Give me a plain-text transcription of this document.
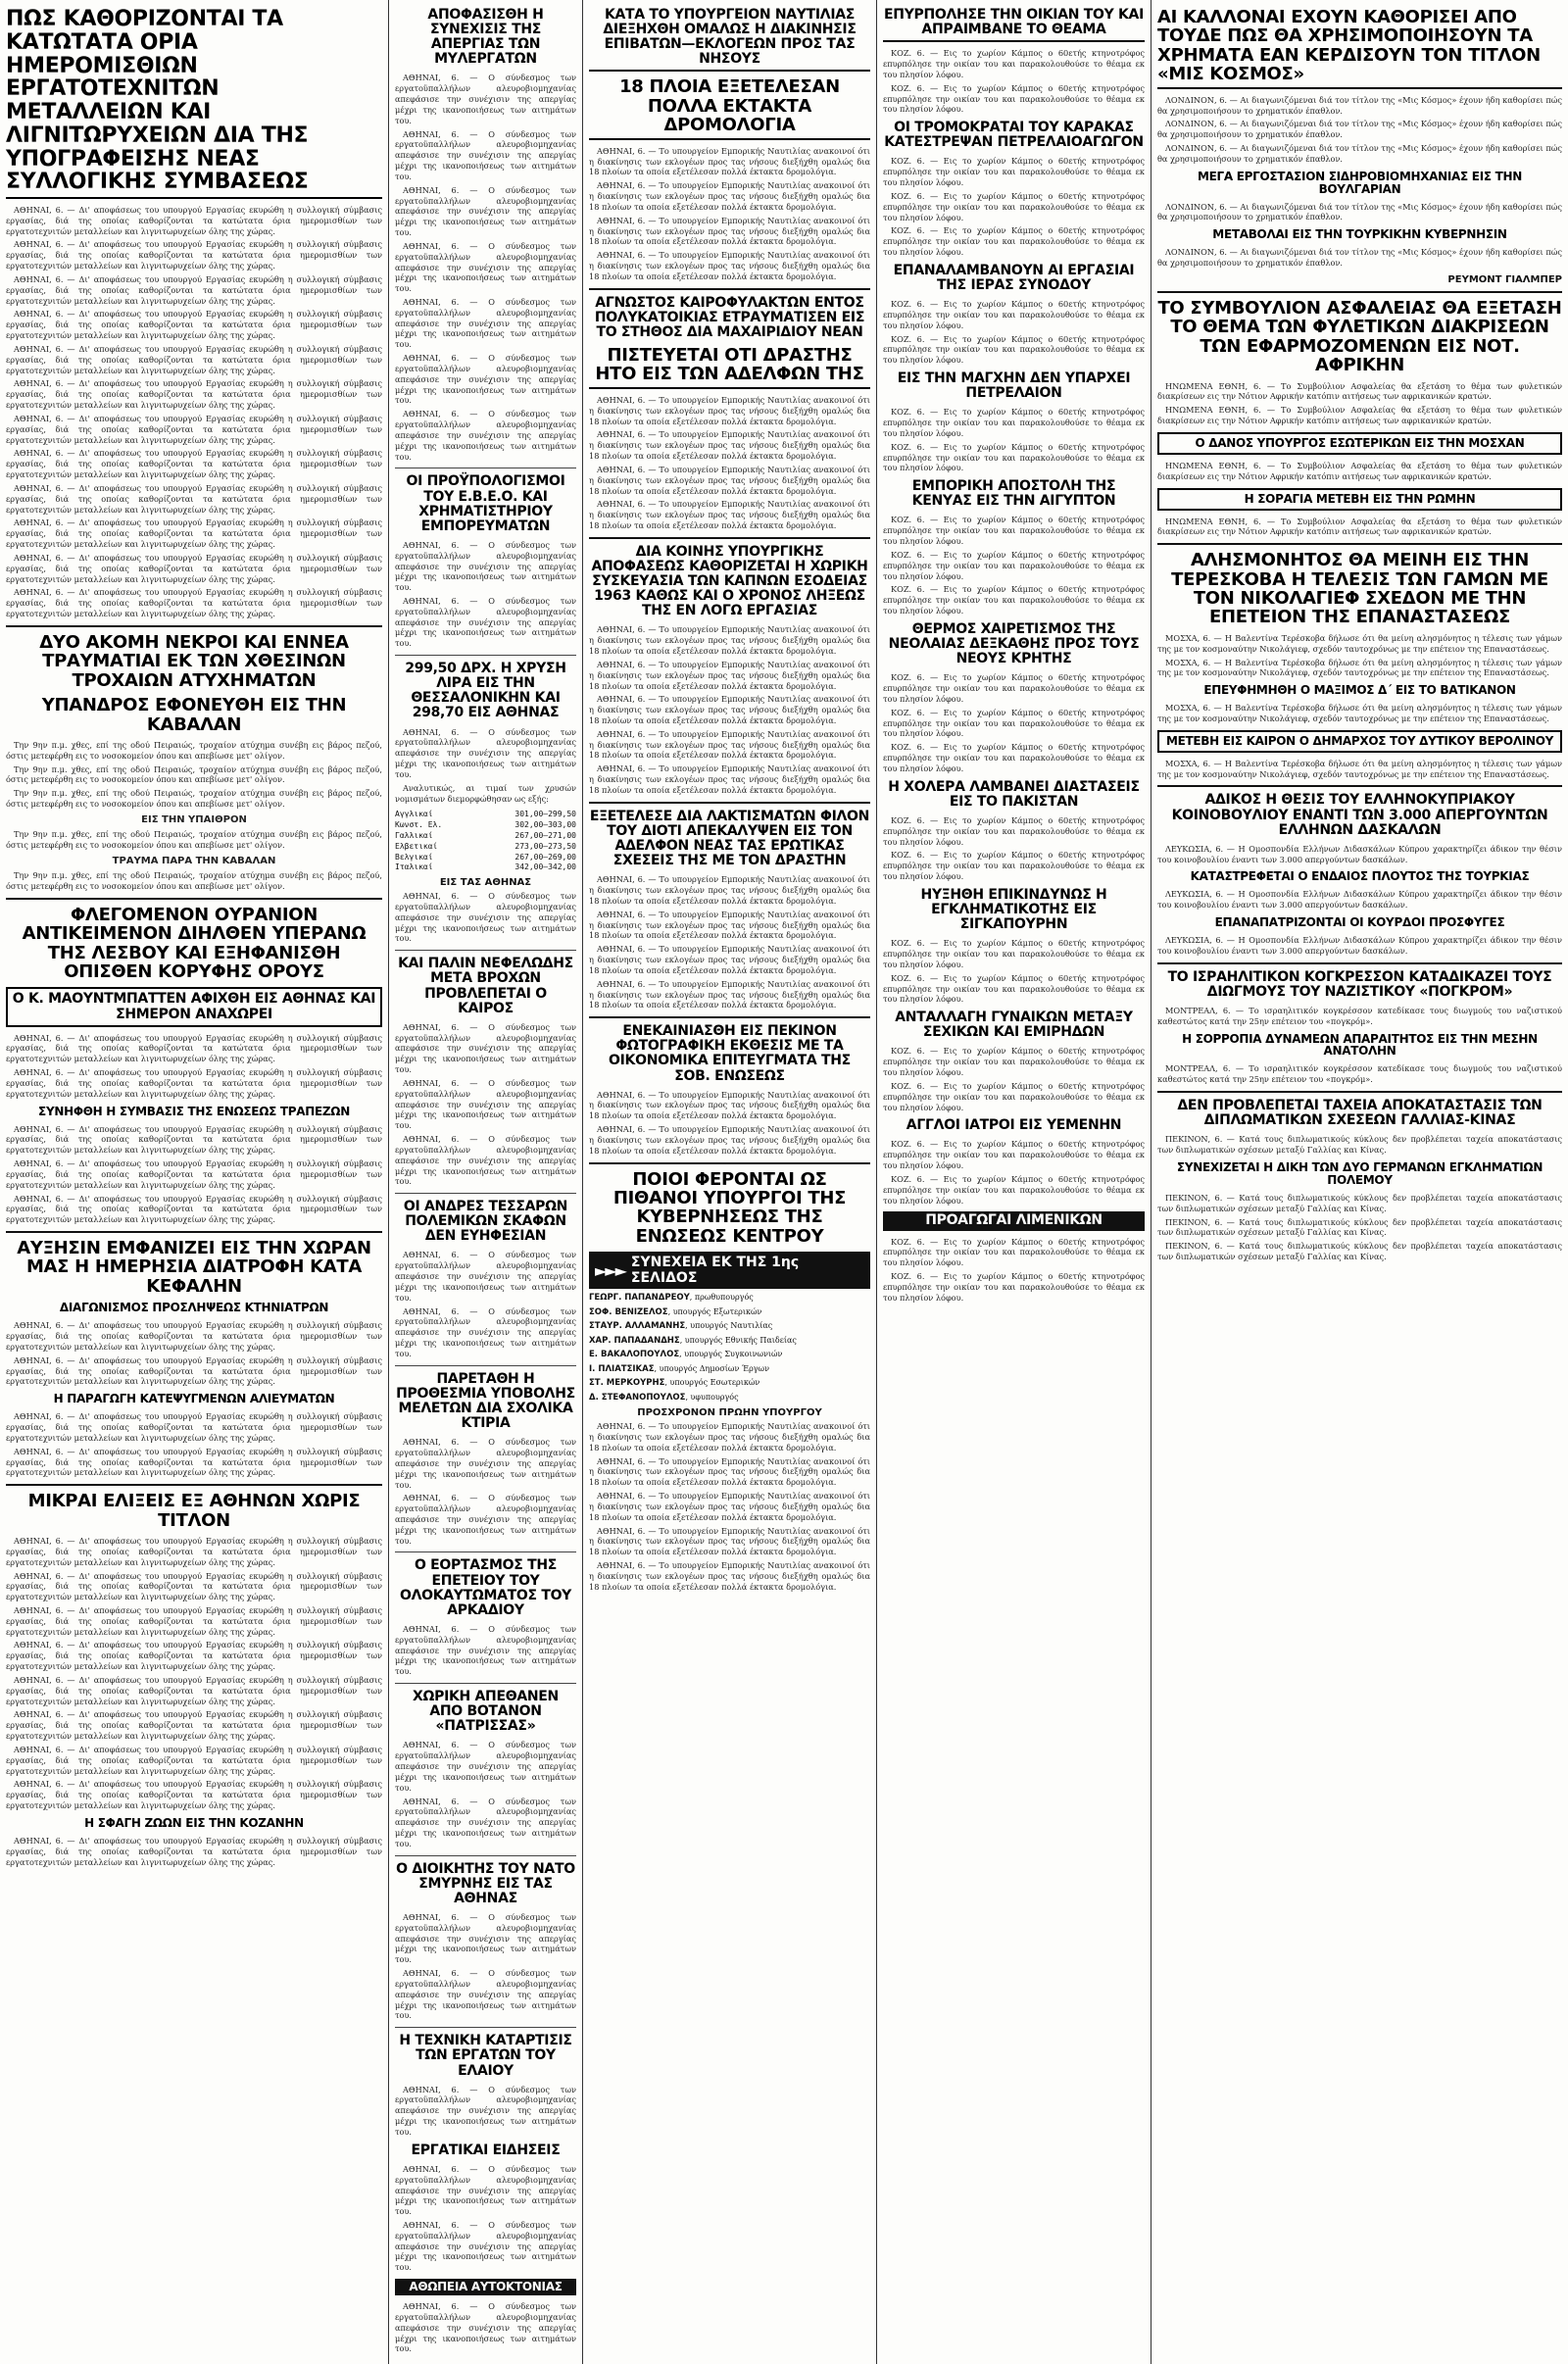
ΠΩΣ ΚΑΘΟΡΙΖΟΝΤΑΙ ΤΑ ΚΑΤΩΤΑΤΑ ΟΡΙΑ ΗΜΕΡΟΜΙΣΘΙΩΝ ΕΡΓΑΤΟΤΕΧΝΙΤΩΝ ΜΕΤΑΛΛΕΙΩΝ ΚΑΙ ΛΙΓΝΙΤΩΡΥΧΕΙΩΝ ΔΙΑ ΤΗΣ ΥΠΟΓΡΑΦΕΙΣΗΣ ΝΕΑΣ ΣΥΛΛΟΓΙΚΗΣ ΣΥΜΒΑΣΕΩΣ

ΑΘΗΝΑΙ, 6. — Δι' αποφάσεως του υπουργού Εργασίας εκυρώθη η συλλογική σύμβασις εργασίας, διά της οποίας καθορίζονται τα κατώτατα όρια ημερομισθίων των εργατοτεχνιτών μεταλλείων και λιγνιτωρυχείων όλης της χώρας.

ΑΘΗΝΑΙ, 6. — Δι' αποφάσεως του υπουργού Εργασίας εκυρώθη η συλλογική σύμβασις εργασίας, διά της οποίας καθορίζονται τα κατώτατα όρια ημερομισθίων των εργατοτεχνιτών μεταλλείων και λιγνιτωρυχείων όλης της χώρας.

ΑΘΗΝΑΙ, 6. — Δι' αποφάσεως του υπουργού Εργασίας εκυρώθη η συλλογική σύμβασις εργασίας, διά της οποίας καθορίζονται τα κατώτατα όρια ημερομισθίων των εργατοτεχνιτών μεταλλείων και λιγνιτωρυχείων όλης της χώρας.

ΑΘΗΝΑΙ, 6. — Δι' αποφάσεως του υπουργού Εργασίας εκυρώθη η συλλογική σύμβασις εργασίας, διά της οποίας καθορίζονται τα κατώτατα όρια ημερομισθίων των εργατοτεχνιτών μεταλλείων και λιγνιτωρυχείων όλης της χώρας.

ΑΘΗΝΑΙ, 6. — Δι' αποφάσεως του υπουργού Εργασίας εκυρώθη η συλλογική σύμβασις εργασίας, διά της οποίας καθορίζονται τα κατώτατα όρια ημερομισθίων των εργατοτεχνιτών μεταλλείων και λιγνιτωρυχείων όλης της χώρας.

ΑΘΗΝΑΙ, 6. — Δι' αποφάσεως του υπουργού Εργασίας εκυρώθη η συλλογική σύμβασις εργασίας, διά της οποίας καθορίζονται τα κατώτατα όρια ημερομισθίων των εργατοτεχνιτών μεταλλείων και λιγνιτωρυχείων όλης της χώρας.

ΑΘΗΝΑΙ, 6. — Δι' αποφάσεως του υπουργού Εργασίας εκυρώθη η συλλογική σύμβασις εργασίας, διά της οποίας καθορίζονται τα κατώτατα όρια ημερομισθίων των εργατοτεχνιτών μεταλλείων και λιγνιτωρυχείων όλης της χώρας.

ΑΘΗΝΑΙ, 6. — Δι' αποφάσεως του υπουργού Εργασίας εκυρώθη η συλλογική σύμβασις εργασίας, διά της οποίας καθορίζονται τα κατώτατα όρια ημερομισθίων των εργατοτεχνιτών μεταλλείων και λιγνιτωρυχείων όλης της χώρας.

ΑΘΗΝΑΙ, 6. — Δι' αποφάσεως του υπουργού Εργασίας εκυρώθη η συλλογική σύμβασις εργασίας, διά της οποίας καθορίζονται τα κατώτατα όρια ημερομισθίων των εργατοτεχνιτών μεταλλείων και λιγνιτωρυχείων όλης της χώρας.

ΑΘΗΝΑΙ, 6. — Δι' αποφάσεως του υπουργού Εργασίας εκυρώθη η συλλογική σύμβασις εργασίας, διά της οποίας καθορίζονται τα κατώτατα όρια ημερομισθίων των εργατοτεχνιτών μεταλλείων και λιγνιτωρυχείων όλης της χώρας.

ΑΘΗΝΑΙ, 6. — Δι' αποφάσεως του υπουργού Εργασίας εκυρώθη η συλλογική σύμβασις εργασίας, διά της οποίας καθορίζονται τα κατώτατα όρια ημερομισθίων των εργατοτεχνιτών μεταλλείων και λιγνιτωρυχείων όλης της χώρας.

ΑΘΗΝΑΙ, 6. — Δι' αποφάσεως του υπουργού Εργασίας εκυρώθη η συλλογική σύμβασις εργασίας, διά της οποίας καθορίζονται τα κατώτατα όρια ημερομισθίων των εργατοτεχνιτών μεταλλείων και λιγνιτωρυχείων όλης της χώρας.

ΔΥΟ ΑΚΟΜΗ ΝΕΚΡΟΙ ΚΑΙ ΕΝΝΕΑ ΤΡΑΥΜΑΤΙΑΙ ΕΚ ΤΩΝ ΧΘΕΣΙΝΩΝ ΤΡΟΧΑΙΩΝ ΑΤΥΧΗΜΑΤΩΝ
ΥΠΑΝΔΡΟΣ ΕΦΟΝΕΥΘΗ ΕΙΣ ΤΗΝ ΚΑΒΑΛΑΝ

Την 9ην π.μ. χθες, επί της οδού Πειραιώς, τροχαίον ατύχημα συνέβη εις βάρος πεζού, όστις μετεφέρθη εις το νοσοκομείον όπου και απεβίωσε μετ' ολίγον.

Την 9ην π.μ. χθες, επί της οδού Πειραιώς, τροχαίον ατύχημα συνέβη εις βάρος πεζού, όστις μετεφέρθη εις το νοσοκομείον όπου και απεβίωσε μετ' ολίγον.

Την 9ην π.μ. χθες, επί της οδού Πειραιώς, τροχαίον ατύχημα συνέβη εις βάρος πεζού, όστις μετεφέρθη εις το νοσοκομείον όπου και απεβίωσε μετ' ολίγον.

ΕΙΣ ΤΗΝ ΥΠΑΙΘΡΟΝ

Την 9ην π.μ. χθες, επί της οδού Πειραιώς, τροχαίον ατύχημα συνέβη εις βάρος πεζού, όστις μετεφέρθη εις το νοσοκομείον όπου και απεβίωσε μετ' ολίγον.

ΤΡΑΥΜΑ ΠΑΡΑ ΤΗΝ ΚΑΒΑΛΑΝ

Την 9ην π.μ. χθες, επί της οδού Πειραιώς, τροχαίον ατύχημα συνέβη εις βάρος πεζού, όστις μετεφέρθη εις το νοσοκομείον όπου και απεβίωσε μετ' ολίγον.

ΦΛΕΓΟΜΕΝΟΝ ΟΥΡΑΝΙΟΝ ΑΝΤΙΚΕΙΜΕΝΟΝ ΔΙΗΛΘΕΝ ΥΠΕΡΑΝΩ ΤΗΣ ΛΕΣΒΟΥ ΚΑΙ ΕΞΗΦΑΝΙΣΘΗ ΟΠΙΣΘΕΝ ΚΟΡΥΦΗΣ ΟΡΟΥΣ
Ο Κ. ΜΑΟΥΝΤΜΠΑΤΤΕΝ ΑΦΙΧΘΗ ΕΙΣ ΑΘΗΝΑΣ ΚΑΙ ΣΗΜΕΡΟΝ ΑΝΑΧΩΡΕΙ

ΑΘΗΝΑΙ, 6. — Δι' αποφάσεως του υπουργού Εργασίας εκυρώθη η συλλογική σύμβασις εργασίας, διά της οποίας καθορίζονται τα κατώτατα όρια ημερομισθίων των εργατοτεχνιτών μεταλλείων και λιγνιτωρυχείων όλης της χώρας.

ΑΘΗΝΑΙ, 6. — Δι' αποφάσεως του υπουργού Εργασίας εκυρώθη η συλλογική σύμβασις εργασίας, διά της οποίας καθορίζονται τα κατώτατα όρια ημερομισθίων των εργατοτεχνιτών μεταλλείων και λιγνιτωρυχείων όλης της χώρας.

ΣΥΝΗΦΘΗ Η ΣΥΜΒΑΣΙΣ ΤΗΣ ΕΝΩΣΕΩΣ ΤΡΑΠΕΖΩΝ

ΑΘΗΝΑΙ, 6. — Δι' αποφάσεως του υπουργού Εργασίας εκυρώθη η συλλογική σύμβασις εργασίας, διά της οποίας καθορίζονται τα κατώτατα όρια ημερομισθίων των εργατοτεχνιτών μεταλλείων και λιγνιτωρυχείων όλης της χώρας.

ΑΘΗΝΑΙ, 6. — Δι' αποφάσεως του υπουργού Εργασίας εκυρώθη η συλλογική σύμβασις εργασίας, διά της οποίας καθορίζονται τα κατώτατα όρια ημερομισθίων των εργατοτεχνιτών μεταλλείων και λιγνιτωρυχείων όλης της χώρας.

ΑΘΗΝΑΙ, 6. — Δι' αποφάσεως του υπουργού Εργασίας εκυρώθη η συλλογική σύμβασις εργασίας, διά της οποίας καθορίζονται τα κατώτατα όρια ημερομισθίων των εργατοτεχνιτών μεταλλείων και λιγνιτωρυχείων όλης της χώρας.

ΑΥΞΗΣΙΝ ΕΜΦΑΝΙΖΕΙ ΕΙΣ ΤΗΝ ΧΩΡΑΝ ΜΑΣ Η ΗΜΕΡΗΣΙΑ ΔΙΑΤΡΟΦΗ ΚΑΤΑ ΚΕΦΑΛΗΝ
ΔΙΑΓΩΝΙΣΜΟΣ ΠΡΟΣΛΗΨΕΩΣ ΚΤΗΝΙΑΤΡΩΝ

ΑΘΗΝΑΙ, 6. — Δι' αποφάσεως του υπουργού Εργασίας εκυρώθη η συλλογική σύμβασις εργασίας, διά της οποίας καθορίζονται τα κατώτατα όρια ημερομισθίων των εργατοτεχνιτών μεταλλείων και λιγνιτωρυχείων όλης της χώρας.

ΑΘΗΝΑΙ, 6. — Δι' αποφάσεως του υπουργού Εργασίας εκυρώθη η συλλογική σύμβασις εργασίας, διά της οποίας καθορίζονται τα κατώτατα όρια ημερομισθίων των εργατοτεχνιτών μεταλλείων και λιγνιτωρυχείων όλης της χώρας.

Η ΠΑΡΑΓΩΓΗ ΚΑΤΕΨΥΓΜΕΝΩΝ ΑΛΙΕΥΜΑΤΩΝ

ΑΘΗΝΑΙ, 6. — Δι' αποφάσεως του υπουργού Εργασίας εκυρώθη η συλλογική σύμβασις εργασίας, διά της οποίας καθορίζονται τα κατώτατα όρια ημερομισθίων των εργατοτεχνιτών μεταλλείων και λιγνιτωρυχείων όλης της χώρας.

ΑΘΗΝΑΙ, 6. — Δι' αποφάσεως του υπουργού Εργασίας εκυρώθη η συλλογική σύμβασις εργασίας, διά της οποίας καθορίζονται τα κατώτατα όρια ημερομισθίων των εργατοτεχνιτών μεταλλείων και λιγνιτωρυχείων όλης της χώρας.

ΜΙΚΡΑΙ ΕΛΙΞΕΙΣ ΕΞ ΑΘΗΝΩΝ ΧΩΡΙΣ ΤΙΤΛΟΝ

ΑΘΗΝΑΙ, 6. — Δι' αποφάσεως του υπουργού Εργασίας εκυρώθη η συλλογική σύμβασις εργασίας, διά της οποίας καθορίζονται τα κατώτατα όρια ημερομισθίων των εργατοτεχνιτών μεταλλείων και λιγνιτωρυχείων όλης της χώρας.

ΑΘΗΝΑΙ, 6. — Δι' αποφάσεως του υπουργού Εργασίας εκυρώθη η συλλογική σύμβασις εργασίας, διά της οποίας καθορίζονται τα κατώτατα όρια ημερομισθίων των εργατοτεχνιτών μεταλλείων και λιγνιτωρυχείων όλης της χώρας.

ΑΘΗΝΑΙ, 6. — Δι' αποφάσεως του υπουργού Εργασίας εκυρώθη η συλλογική σύμβασις εργασίας, διά της οποίας καθορίζονται τα κατώτατα όρια ημερομισθίων των εργατοτεχνιτών μεταλλείων και λιγνιτωρυχείων όλης της χώρας.

ΑΘΗΝΑΙ, 6. — Δι' αποφάσεως του υπουργού Εργασίας εκυρώθη η συλλογική σύμβασις εργασίας, διά της οποίας καθορίζονται τα κατώτατα όρια ημερομισθίων των εργατοτεχνιτών μεταλλείων και λιγνιτωρυχείων όλης της χώρας.

ΑΘΗΝΑΙ, 6. — Δι' αποφάσεως του υπουργού Εργασίας εκυρώθη η συλλογική σύμβασις εργασίας, διά της οποίας καθορίζονται τα κατώτατα όρια ημερομισθίων των εργατοτεχνιτών μεταλλείων και λιγνιτωρυχείων όλης της χώρας.

ΑΘΗΝΑΙ, 6. — Δι' αποφάσεως του υπουργού Εργασίας εκυρώθη η συλλογική σύμβασις εργασίας, διά της οποίας καθορίζονται τα κατώτατα όρια ημερομισθίων των εργατοτεχνιτών μεταλλείων και λιγνιτωρυχείων όλης της χώρας.

ΑΘΗΝΑΙ, 6. — Δι' αποφάσεως του υπουργού Εργασίας εκυρώθη η συλλογική σύμβασις εργασίας, διά της οποίας καθορίζονται τα κατώτατα όρια ημερομισθίων των εργατοτεχνιτών μεταλλείων και λιγνιτωρυχείων όλης της χώρας.

ΑΘΗΝΑΙ, 6. — Δι' αποφάσεως του υπουργού Εργασίας εκυρώθη η συλλογική σύμβασις εργασίας, διά της οποίας καθορίζονται τα κατώτατα όρια ημερομισθίων των εργατοτεχνιτών μεταλλείων και λιγνιτωρυχείων όλης της χώρας.

Η ΣΦΑΓΗ ΖΩΩΝ ΕΙΣ ΤΗΝ ΚΟΖΑΝΗΝ

ΑΘΗΝΑΙ, 6. — Δι' αποφάσεως του υπουργού Εργασίας εκυρώθη η συλλογική σύμβασις εργασίας, διά της οποίας καθορίζονται τα κατώτατα όρια ημερομισθίων των εργατοτεχνιτών μεταλλείων και λιγνιτωρυχείων όλης της χώρας.

ΑΠΟΦΑΣΙΣΘΗ Η ΣΥΝΕΧΙΣΙΣ ΤΗΣ ΑΠΕΡΓΙΑΣ ΤΩΝ ΜΥΛΕΡΓΑΤΩΝ

ΑΘΗΝΑΙ, 6. — Ο σύνδεσμος των εργατοϋπαλλήλων αλευροβιομηχανίας απεφάσισε την συνέχισιν της απεργίας μέχρι της ικανοποιήσεως των αιτημάτων του.

ΑΘΗΝΑΙ, 6. — Ο σύνδεσμος των εργατοϋπαλλήλων αλευροβιομηχανίας απεφάσισε την συνέχισιν της απεργίας μέχρι της ικανοποιήσεως των αιτημάτων του.

ΑΘΗΝΑΙ, 6. — Ο σύνδεσμος των εργατοϋπαλλήλων αλευροβιομηχανίας απεφάσισε την συνέχισιν της απεργίας μέχρι της ικανοποιήσεως των αιτημάτων του.

ΑΘΗΝΑΙ, 6. — Ο σύνδεσμος των εργατοϋπαλλήλων αλευροβιομηχανίας απεφάσισε την συνέχισιν της απεργίας μέχρι της ικανοποιήσεως των αιτημάτων του.

ΑΘΗΝΑΙ, 6. — Ο σύνδεσμος των εργατοϋπαλλήλων αλευροβιομηχανίας απεφάσισε την συνέχισιν της απεργίας μέχρι της ικανοποιήσεως των αιτημάτων του.

ΑΘΗΝΑΙ, 6. — Ο σύνδεσμος των εργατοϋπαλλήλων αλευροβιομηχανίας απεφάσισε την συνέχισιν της απεργίας μέχρι της ικανοποιήσεως των αιτημάτων του.

ΑΘΗΝΑΙ, 6. — Ο σύνδεσμος των εργατοϋπαλλήλων αλευροβιομηχανίας απεφάσισε την συνέχισιν της απεργίας μέχρι της ικανοποιήσεως των αιτημάτων του.

ΟΙ ΠΡΟΫΠΟΛΟΓΙΣΜΟΙ ΤΟΥ Ε.Β.Ε.Ο. ΚΑΙ ΧΡΗΜΑΤΙΣΤΗΡΙΟΥ ΕΜΠΟΡΕΥΜΑΤΩΝ

ΑΘΗΝΑΙ, 6. — Ο σύνδεσμος των εργατοϋπαλλήλων αλευροβιομηχανίας απεφάσισε την συνέχισιν της απεργίας μέχρι της ικανοποιήσεως των αιτημάτων του.

ΑΘΗΝΑΙ, 6. — Ο σύνδεσμος των εργατοϋπαλλήλων αλευροβιομηχανίας απεφάσισε την συνέχισιν της απεργίας μέχρι της ικανοποιήσεως των αιτημάτων του.

299,50 ΔΡΧ. Η ΧΡΥΣΗ ΛΙΡΑ ΕΙΣ ΤΗΝ ΘΕΣΣΑΛΟΝΙΚΗΝ ΚΑΙ 298,70 ΕΙΣ ΑΘΗΝΑΣ

ΑΘΗΝΑΙ, 6. — Ο σύνδεσμος των εργατοϋπαλλήλων αλευροβιομηχανίας απεφάσισε την συνέχισιν της απεργίας μέχρι της ικανοποιήσεως των αιτημάτων του.

Αναλυτικώς, αι τιμαί των χρυσών νομισμάτων διεμορφώθησαν ως εξής:

Αγγλικαί	301,00—299,50
Κωνστ. Ελ.	302,00—303,00
Γαλλικαί	267,00—271,00
Ελβετικαί	273,00—273,50
Βελγικαί	267,00—269,00
Ιταλικαί	342,00—342,00
ΕΙΣ ΤΑΣ ΑΘΗΝΑΣ

ΑΘΗΝΑΙ, 6. — Ο σύνδεσμος των εργατοϋπαλλήλων αλευροβιομηχανίας απεφάσισε την συνέχισιν της απεργίας μέχρι της ικανοποιήσεως των αιτημάτων του.

ΚΑΙ ΠΑΛΙΝ ΝΕΦΕΛΩΔΗΣ ΜΕΤΑ ΒΡΟΧΩΝ ΠΡΟΒΛΕΠΕΤΑΙ Ο ΚΑΙΡΟΣ

ΑΘΗΝΑΙ, 6. — Ο σύνδεσμος των εργατοϋπαλλήλων αλευροβιομηχανίας απεφάσισε την συνέχισιν της απεργίας μέχρι της ικανοποιήσεως των αιτημάτων του.

ΑΘΗΝΑΙ, 6. — Ο σύνδεσμος των εργατοϋπαλλήλων αλευροβιομηχανίας απεφάσισε την συνέχισιν της απεργίας μέχρι της ικανοποιήσεως των αιτημάτων του.

ΑΘΗΝΑΙ, 6. — Ο σύνδεσμος των εργατοϋπαλλήλων αλευροβιομηχανίας απεφάσισε την συνέχισιν της απεργίας μέχρι της ικανοποιήσεως των αιτημάτων του.

ΟΙ ΑΝΔΡΕΣ ΤΕΣΣΑΡΩΝ ΠΟΛΕΜΙΚΩΝ ΣΚΑΦΩΝ ΔΕΝ ΕΥΗΦΕΣΙΑΝ

ΑΘΗΝΑΙ, 6. — Ο σύνδεσμος των εργατοϋπαλλήλων αλευροβιομηχανίας απεφάσισε την συνέχισιν της απεργίας μέχρι της ικανοποιήσεως των αιτημάτων του.

ΑΘΗΝΑΙ, 6. — Ο σύνδεσμος των εργατοϋπαλλήλων αλευροβιομηχανίας απεφάσισε την συνέχισιν της απεργίας μέχρι της ικανοποιήσεως των αιτημάτων του.

ΠΑΡΕΤΑΘΗ Η ΠΡΟΘΕΣΜΙΑ ΥΠΟΒΟΛΗΣ ΜΕΛΕΤΩΝ ΔΙΑ ΣΧΟΛΙΚΑ ΚΤΙΡΙΑ

ΑΘΗΝΑΙ, 6. — Ο σύνδεσμος των εργατοϋπαλλήλων αλευροβιομηχανίας απεφάσισε την συνέχισιν της απεργίας μέχρι της ικανοποιήσεως των αιτημάτων του.

ΑΘΗΝΑΙ, 6. — Ο σύνδεσμος των εργατοϋπαλλήλων αλευροβιομηχανίας απεφάσισε την συνέχισιν της απεργίας μέχρι της ικανοποιήσεως των αιτημάτων του.

Ο ΕΟΡΤΑΣΜΟΣ ΤΗΣ ΕΠΕΤΕΙΟΥ ΤΟΥ ΟΛΟΚΑΥΤΩΜΑΤΟΣ ΤΟΥ ΑΡΚΑΔΙΟΥ

ΑΘΗΝΑΙ, 6. — Ο σύνδεσμος των εργατοϋπαλλήλων αλευροβιομηχανίας απεφάσισε την συνέχισιν της απεργίας μέχρι της ικανοποιήσεως των αιτημάτων του.

ΧΩΡΙΚΗ ΑΠΕΘΑΝΕΝ ΑΠΟ ΒΟΤΑΝΟΝ «ΠΑΤΡΙΣΣΑΣ»

ΑΘΗΝΑΙ, 6. — Ο σύνδεσμος των εργατοϋπαλλήλων αλευροβιομηχανίας απεφάσισε την συνέχισιν της απεργίας μέχρι της ικανοποιήσεως των αιτημάτων του.

ΑΘΗΝΑΙ, 6. — Ο σύνδεσμος των εργατοϋπαλλήλων αλευροβιομηχανίας απεφάσισε την συνέχισιν της απεργίας μέχρι της ικανοποιήσεως των αιτημάτων του.

Ο ΔΙΟΙΚΗΤΗΣ ΤΟΥ ΝΑΤΟ ΣΜΥΡΝΗΣ ΕΙΣ ΤΑΣ ΑΘΗΝΑΣ

ΑΘΗΝΑΙ, 6. — Ο σύνδεσμος των εργατοϋπαλλήλων αλευροβιομηχανίας απεφάσισε την συνέχισιν της απεργίας μέχρι της ικανοποιήσεως των αιτημάτων του.

ΑΘΗΝΑΙ, 6. — Ο σύνδεσμος των εργατοϋπαλλήλων αλευροβιομηχανίας απεφάσισε την συνέχισιν της απεργίας μέχρι της ικανοποιήσεως των αιτημάτων του.

Η ΤΕΧΝΙΚΗ ΚΑΤΑΡΤΙΣΙΣ ΤΩΝ ΕΡΓΑΤΩΝ ΤΟΥ ΕΛΑΙΟΥ

ΑΘΗΝΑΙ, 6. — Ο σύνδεσμος των εργατοϋπαλλήλων αλευροβιομηχανίας απεφάσισε την συνέχισιν της απεργίας μέχρι της ικανοποιήσεως των αιτημάτων του.

ΕΡΓΑΤΙΚΑΙ ΕΙΔΗΣΕΙΣ

ΑΘΗΝΑΙ, 6. — Ο σύνδεσμος των εργατοϋπαλλήλων αλευροβιομηχανίας απεφάσισε την συνέχισιν της απεργίας μέχρι της ικανοποιήσεως των αιτημάτων του.

ΑΘΗΝΑΙ, 6. — Ο σύνδεσμος των εργατοϋπαλλήλων αλευροβιομηχανίας απεφάσισε την συνέχισιν της απεργίας μέχρι της ικανοποιήσεως των αιτημάτων του.

ΑΘΩΠΕΙΑ ΑΥΤΟΚΤΟΝΙΑΣ

ΑΘΗΝΑΙ, 6. — Ο σύνδεσμος των εργατοϋπαλλήλων αλευροβιομηχανίας απεφάσισε την συνέχισιν της απεργίας μέχρι της ικανοποιήσεως των αιτημάτων του.

ΚΑΤΑ ΤΟ ΥΠΟΥΡΓΕΙΟΝ ΝΑΥΤΙΛΙΑΣ ΔΙΕΞΗΧΘΗ ΟΜΑΛΩΣ Η ΔΙΑΚΙΝΗΣΙΣ ΕΠΙΒΑΤΩΝ—ΕΚΛΟΓΕΩΝ ΠΡΟΣ ΤΑΣ ΝΗΣΟΥΣ
18 ΠΛΟΙΑ ΕΞΕΤΕΛΕΣΑΝ ΠΟΛΛΑ ΕΚΤΑΚΤΑ ΔΡΟΜΟΛΟΓΙΑ

ΑΘΗΝΑΙ, 6. — Το υπουργείον Εμπορικής Ναυτιλίας ανακοινοί ότι η διακίνησις των εκλογέων προς τας νήσους διεξήχθη ομαλώς δια 18 πλοίων τα οποία εξετέλεσαν πολλά έκτακτα δρομολόγια.

ΑΘΗΝΑΙ, 6. — Το υπουργείον Εμπορικής Ναυτιλίας ανακοινοί ότι η διακίνησις των εκλογέων προς τας νήσους διεξήχθη ομαλώς δια 18 πλοίων τα οποία εξετέλεσαν πολλά έκτακτα δρομολόγια.

ΑΘΗΝΑΙ, 6. — Το υπουργείον Εμπορικής Ναυτιλίας ανακοινοί ότι η διακίνησις των εκλογέων προς τας νήσους διεξήχθη ομαλώς δια 18 πλοίων τα οποία εξετέλεσαν πολλά έκτακτα δρομολόγια.

ΑΘΗΝΑΙ, 6. — Το υπουργείον Εμπορικής Ναυτιλίας ανακοινοί ότι η διακίνησις των εκλογέων προς τας νήσους διεξήχθη ομαλώς δια 18 πλοίων τα οποία εξετέλεσαν πολλά έκτακτα δρομολόγια.

ΑΓΝΩΣΤΟΣ ΚΑΙΡΟΦΥΛΑΚΤΩΝ ΕΝΤΟΣ ΠΟΛΥΚΑΤΟΙΚΙΑΣ ΕΤΡΑΥΜΑΤΙΣΕΝ ΕΙΣ ΤΟ ΣΤΗΘΟΣ ΔΙΑ ΜΑΧΑΙΡΙΔΙΟΥ ΝΕΑΝ
ΠΙΣΤΕΥΕΤΑΙ ΟΤΙ ΔΡΑΣΤΗΣ ΗΤΟ ΕΙΣ ΤΩΝ ΑΔΕΛΦΩΝ ΤΗΣ

ΑΘΗΝΑΙ, 6. — Το υπουργείον Εμπορικής Ναυτιλίας ανακοινοί ότι η διακίνησις των εκλογέων προς τας νήσους διεξήχθη ομαλώς δια 18 πλοίων τα οποία εξετέλεσαν πολλά έκτακτα δρομολόγια.

ΑΘΗΝΑΙ, 6. — Το υπουργείον Εμπορικής Ναυτιλίας ανακοινοί ότι η διακίνησις των εκλογέων προς τας νήσους διεξήχθη ομαλώς δια 18 πλοίων τα οποία εξετέλεσαν πολλά έκτακτα δρομολόγια.

ΑΘΗΝΑΙ, 6. — Το υπουργείον Εμπορικής Ναυτιλίας ανακοινοί ότι η διακίνησις των εκλογέων προς τας νήσους διεξήχθη ομαλώς δια 18 πλοίων τα οποία εξετέλεσαν πολλά έκτακτα δρομολόγια.

ΑΘΗΝΑΙ, 6. — Το υπουργείον Εμπορικής Ναυτιλίας ανακοινοί ότι η διακίνησις των εκλογέων προς τας νήσους διεξήχθη ομαλώς δια 18 πλοίων τα οποία εξετέλεσαν πολλά έκτακτα δρομολόγια.

ΔΙΑ ΚΟΙΝΗΣ ΥΠΟΥΡΓΙΚΗΣ ΑΠΟΦΑΣΕΩΣ ΚΑΘΟΡΙΖΕΤΑΙ Η ΧΩΡΙΚΗ ΣΥΣΚΕΥΑΣΙΑ ΤΩΝ ΚΑΠΝΩΝ ΕΣΟΔΕΙΑΣ 1963 ΚΑΘΩΣ ΚΑΙ Ο ΧΡΟΝΟΣ ΛΗΞΕΩΣ ΤΗΣ ΕΝ ΛΟΓΩ ΕΡΓΑΣΙΑΣ

ΑΘΗΝΑΙ, 6. — Το υπουργείον Εμπορικής Ναυτιλίας ανακοινοί ότι η διακίνησις των εκλογέων προς τας νήσους διεξήχθη ομαλώς δια 18 πλοίων τα οποία εξετέλεσαν πολλά έκτακτα δρομολόγια.

ΑΘΗΝΑΙ, 6. — Το υπουργείον Εμπορικής Ναυτιλίας ανακοινοί ότι η διακίνησις των εκλογέων προς τας νήσους διεξήχθη ομαλώς δια 18 πλοίων τα οποία εξετέλεσαν πολλά έκτακτα δρομολόγια.

ΑΘΗΝΑΙ, 6. — Το υπουργείον Εμπορικής Ναυτιλίας ανακοινοί ότι η διακίνησις των εκλογέων προς τας νήσους διεξήχθη ομαλώς δια 18 πλοίων τα οποία εξετέλεσαν πολλά έκτακτα δρομολόγια.

ΑΘΗΝΑΙ, 6. — Το υπουργείον Εμπορικής Ναυτιλίας ανακοινοί ότι η διακίνησις των εκλογέων προς τας νήσους διεξήχθη ομαλώς δια 18 πλοίων τα οποία εξετέλεσαν πολλά έκτακτα δρομολόγια.

ΑΘΗΝΑΙ, 6. — Το υπουργείον Εμπορικής Ναυτιλίας ανακοινοί ότι η διακίνησις των εκλογέων προς τας νήσους διεξήχθη ομαλώς δια 18 πλοίων τα οποία εξετέλεσαν πολλά έκτακτα δρομολόγια.

ΕΞΕΤΕΛΕΣΕ ΔΙΑ ΛΑΚΤΙΣΜΑΤΩΝ ΦΙΛΟΝ ΤΟΥ ΔΙΟΤΙ ΑΠΕΚΑΛΥΨΕΝ ΕΙΣ ΤΟΝ ΑΔΕΛΦΟΝ ΝΕΑΣ ΤΑΣ ΕΡΩΤΙΚΑΣ ΣΧΕΣΕΙΣ ΤΗΣ ΜΕ ΤΟΝ ΔΡΑΣΤΗΝ

ΑΘΗΝΑΙ, 6. — Το υπουργείον Εμπορικής Ναυτιλίας ανακοινοί ότι η διακίνησις των εκλογέων προς τας νήσους διεξήχθη ομαλώς δια 18 πλοίων τα οποία εξετέλεσαν πολλά έκτακτα δρομολόγια.

ΑΘΗΝΑΙ, 6. — Το υπουργείον Εμπορικής Ναυτιλίας ανακοινοί ότι η διακίνησις των εκλογέων προς τας νήσους διεξήχθη ομαλώς δια 18 πλοίων τα οποία εξετέλεσαν πολλά έκτακτα δρομολόγια.

ΑΘΗΝΑΙ, 6. — Το υπουργείον Εμπορικής Ναυτιλίας ανακοινοί ότι η διακίνησις των εκλογέων προς τας νήσους διεξήχθη ομαλώς δια 18 πλοίων τα οποία εξετέλεσαν πολλά έκτακτα δρομολόγια.

ΑΘΗΝΑΙ, 6. — Το υπουργείον Εμπορικής Ναυτιλίας ανακοινοί ότι η διακίνησις των εκλογέων προς τας νήσους διεξήχθη ομαλώς δια 18 πλοίων τα οποία εξετέλεσαν πολλά έκτακτα δρομολόγια.

ΕΝΕΚΑΙΝΙΑΣΘΗ ΕΙΣ ΠΕΚΙΝΟΝ ΦΩΤΟΓΡΑΦΙΚΗ ΕΚΘΕΣΙΣ ΜΕ ΤΑ ΟΙΚΟΝΟΜΙΚΑ ΕΠΙΤΕΥΓΜΑΤΑ ΤΗΣ ΣΟΒ. ΕΝΩΣΕΩΣ

ΑΘΗΝΑΙ, 6. — Το υπουργείον Εμπορικής Ναυτιλίας ανακοινοί ότι η διακίνησις των εκλογέων προς τας νήσους διεξήχθη ομαλώς δια 18 πλοίων τα οποία εξετέλεσαν πολλά έκτακτα δρομολόγια.

ΑΘΗΝΑΙ, 6. — Το υπουργείον Εμπορικής Ναυτιλίας ανακοινοί ότι η διακίνησις των εκλογέων προς τας νήσους διεξήχθη ομαλώς δια 18 πλοίων τα οποία εξετέλεσαν πολλά έκτακτα δρομολόγια.

ΠΟΙΟΙ ΦΕΡΟΝΤΑΙ ΩΣ ΠΙΘΑΝΟΙ ΥΠΟΥΡΓΟΙ ΤΗΣ ΚΥΒΕΡΝΗΣΕΩΣ ΤΗΣ ΕΝΩΣΕΩΣ ΚΕΝΤΡΟΥ
►►► ΣΥΝΕΧΕΙΑ ΕΚ ΤΗΣ 1ης ΣΕΛΙΔΟΣ
ΓΕΩΡΓ. ΠΑΠΑΝΔΡΕΟΥ, πρωθυπουργός
ΣΟΦ. ΒΕΝΙΖΕΛΟΣ, υπουργός Εξωτερικών
ΣΤΑΥΡ. ΑΛΛΑΜΑΝΗΣ, υπουργός Ναυτιλίας
ΧΑΡ. ΠΑΠΑΔΑΝΔΗΣ, υπουργός Εθνικής Παιδείας
Ε. ΒΑΚΑΛΟΠΟΥΛΟΣ, υπουργός Συγκοινωνιών
Ι. ΠΛΙΑΤΣΙΚΑΣ, υπουργός Δημοσίων Έργων
ΣΤ. ΜΕΡΚΟΥΡΗΣ, υπουργός Εσωτερικών
Δ. ΣΤΕΦΑΝΟΠΟΥΛΟΣ, υφυπουργός
ΠΡΟΣΧΡΟΝΟΝ ΠΡΩΗΝ ΥΠΟΥΡΓΟΥ

ΑΘΗΝΑΙ, 6. — Το υπουργείον Εμπορικής Ναυτιλίας ανακοινοί ότι η διακίνησις των εκλογέων προς τας νήσους διεξήχθη ομαλώς δια 18 πλοίων τα οποία εξετέλεσαν πολλά έκτακτα δρομολόγια.

ΑΘΗΝΑΙ, 6. — Το υπουργείον Εμπορικής Ναυτιλίας ανακοινοί ότι η διακίνησις των εκλογέων προς τας νήσους διεξήχθη ομαλώς δια 18 πλοίων τα οποία εξετέλεσαν πολλά έκτακτα δρομολόγια.

ΑΘΗΝΑΙ, 6. — Το υπουργείον Εμπορικής Ναυτιλίας ανακοινοί ότι η διακίνησις των εκλογέων προς τας νήσους διεξήχθη ομαλώς δια 18 πλοίων τα οποία εξετέλεσαν πολλά έκτακτα δρομολόγια.

ΑΘΗΝΑΙ, 6. — Το υπουργείον Εμπορικής Ναυτιλίας ανακοινοί ότι η διακίνησις των εκλογέων προς τας νήσους διεξήχθη ομαλώς δια 18 πλοίων τα οποία εξετέλεσαν πολλά έκτακτα δρομολόγια.

ΑΘΗΝΑΙ, 6. — Το υπουργείον Εμπορικής Ναυτιλίας ανακοινοί ότι η διακίνησις των εκλογέων προς τας νήσους διεξήχθη ομαλώς δια 18 πλοίων τα οποία εξετέλεσαν πολλά έκτακτα δρομολόγια.

ΕΠΥΡΠΟΛΗΣΕ ΤΗΝ ΟΙΚΙΑΝ ΤΟΥ ΚΑΙ ΑΠΡΑΙΜΒΑΝΕ ΤΟ ΘΕΑΜΑ

ΚΟΖ. 6. — Εις το χωρίον Κάμπος ο 60ετής κτηνοτρόφος επυρπόλησε την οικίαν του και παρακολουθούσε το θέαμα εκ του πλησίον λόφου.

ΚΟΖ. 6. — Εις το χωρίον Κάμπος ο 60ετής κτηνοτρόφος επυρπόλησε την οικίαν του και παρακολουθούσε το θέαμα εκ του πλησίον λόφου.

ΟΙ ΤΡΟΜΟΚΡΑΤΑΙ ΤΟΥ ΚΑΡΑΚΑΣ ΚΑΤΕΣΤΡΕΨΑΝ ΠΕΤΡΕΛΑΙΟΑΓΩΓΟΝ

ΚΟΖ. 6. — Εις το χωρίον Κάμπος ο 60ετής κτηνοτρόφος επυρπόλησε την οικίαν του και παρακολουθούσε το θέαμα εκ του πλησίον λόφου.

ΚΟΖ. 6. — Εις το χωρίον Κάμπος ο 60ετής κτηνοτρόφος επυρπόλησε την οικίαν του και παρακολουθούσε το θέαμα εκ του πλησίον λόφου.

ΚΟΖ. 6. — Εις το χωρίον Κάμπος ο 60ετής κτηνοτρόφος επυρπόλησε την οικίαν του και παρακολουθούσε το θέαμα εκ του πλησίον λόφου.

ΕΠΑΝΑΛΑΜΒΑΝΟΥΝ ΑΙ ΕΡΓΑΣΙΑΙ ΤΗΣ ΙΕΡΑΣ ΣΥΝΟΔΟΥ

ΚΟΖ. 6. — Εις το χωρίον Κάμπος ο 60ετής κτηνοτρόφος επυρπόλησε την οικίαν του και παρακολουθούσε το θέαμα εκ του πλησίον λόφου.

ΚΟΖ. 6. — Εις το χωρίον Κάμπος ο 60ετής κτηνοτρόφος επυρπόλησε την οικίαν του και παρακολουθούσε το θέαμα εκ του πλησίον λόφου.

ΕΙΣ ΤΗΝ ΜΑΓΧΗΝ ΔΕΝ ΥΠΑΡΧΕΙ ΠΕΤΡΕΛΑΙΟΝ

ΚΟΖ. 6. — Εις το χωρίον Κάμπος ο 60ετής κτηνοτρόφος επυρπόλησε την οικίαν του και παρακολουθούσε το θέαμα εκ του πλησίον λόφου.

ΚΟΖ. 6. — Εις το χωρίον Κάμπος ο 60ετής κτηνοτρόφος επυρπόλησε την οικίαν του και παρακολουθούσε το θέαμα εκ του πλησίον λόφου.

ΕΜΠΟΡΙΚΗ ΑΠΟΣΤΟΛΗ ΤΗΣ ΚΕΝΥΑΣ ΕΙΣ ΤΗΝ ΑΙΓΥΠΤΟΝ

ΚΟΖ. 6. — Εις το χωρίον Κάμπος ο 60ετής κτηνοτρόφος επυρπόλησε την οικίαν του και παρακολουθούσε το θέαμα εκ του πλησίον λόφου.

ΚΟΖ. 6. — Εις το χωρίον Κάμπος ο 60ετής κτηνοτρόφος επυρπόλησε την οικίαν του και παρακολουθούσε το θέαμα εκ του πλησίον λόφου.

ΚΟΖ. 6. — Εις το χωρίον Κάμπος ο 60ετής κτηνοτρόφος επυρπόλησε την οικίαν του και παρακολουθούσε το θέαμα εκ του πλησίον λόφου.

ΘΕΡΜΟΣ ΧΑΙΡΕΤΙΣΜΟΣ ΤΗΣ ΝΕΟΛΑΙΑΣ ΔΕΞΚΑΘΗΣ ΠΡΟΣ ΤΟΥΣ ΝΕΟΥΣ ΚΡΗΤΗΣ

ΚΟΖ. 6. — Εις το χωρίον Κάμπος ο 60ετής κτηνοτρόφος επυρπόλησε την οικίαν του και παρακολουθούσε το θέαμα εκ του πλησίον λόφου.

ΚΟΖ. 6. — Εις το χωρίον Κάμπος ο 60ετής κτηνοτρόφος επυρπόλησε την οικίαν του και παρακολουθούσε το θέαμα εκ του πλησίον λόφου.

ΚΟΖ. 6. — Εις το χωρίον Κάμπος ο 60ετής κτηνοτρόφος επυρπόλησε την οικίαν του και παρακολουθούσε το θέαμα εκ του πλησίον λόφου.

Η ΧΟΛΕΡΑ ΛΑΜΒΑΝΕΙ ΔΙΑΣΤΑΣΕΙΣ ΕΙΣ ΤΟ ΠΑΚΙΣΤΑΝ

ΚΟΖ. 6. — Εις το χωρίον Κάμπος ο 60ετής κτηνοτρόφος επυρπόλησε την οικίαν του και παρακολουθούσε το θέαμα εκ του πλησίον λόφου.

ΚΟΖ. 6. — Εις το χωρίον Κάμπος ο 60ετής κτηνοτρόφος επυρπόλησε την οικίαν του και παρακολουθούσε το θέαμα εκ του πλησίον λόφου.

ΗΥΞΗΘΗ ΕΠΙΚΙΝΔΥΝΩΣ Η ΕΓΚΛΗΜΑΤΙΚΟΤΗΣ ΕΙΣ ΣΙΓΚΑΠΟΥΡΗΝ

ΚΟΖ. 6. — Εις το χωρίον Κάμπος ο 60ετής κτηνοτρόφος επυρπόλησε την οικίαν του και παρακολουθούσε το θέαμα εκ του πλησίον λόφου.

ΚΟΖ. 6. — Εις το χωρίον Κάμπος ο 60ετής κτηνοτρόφος επυρπόλησε την οικίαν του και παρακολουθούσε το θέαμα εκ του πλησίον λόφου.

ΑΝΤΑΛΛΑΓΗ ΓΥΝΑΙΚΩΝ ΜΕΤΑΞΥ ΣΕΧΙΚΩΝ ΚΑΙ ΕΜΙΡΗΔΩΝ

ΚΟΖ. 6. — Εις το χωρίον Κάμπος ο 60ετής κτηνοτρόφος επυρπόλησε την οικίαν του και παρακολουθούσε το θέαμα εκ του πλησίον λόφου.

ΚΟΖ. 6. — Εις το χωρίον Κάμπος ο 60ετής κτηνοτρόφος επυρπόλησε την οικίαν του και παρακολουθούσε το θέαμα εκ του πλησίον λόφου.

ΑΓΓΛΟΙ ΙΑΤΡΟΙ ΕΙΣ ΥΕΜΕΝΗΝ

ΚΟΖ. 6. — Εις το χωρίον Κάμπος ο 60ετής κτηνοτρόφος επυρπόλησε την οικίαν του και παρακολουθούσε το θέαμα εκ του πλησίον λόφου.

ΚΟΖ. 6. — Εις το χωρίον Κάμπος ο 60ετής κτηνοτρόφος επυρπόλησε την οικίαν του και παρακολουθούσε το θέαμα εκ του πλησίον λόφου.

ΠΡΟΑΓΩΓΑΙ ΛΙΜΕΝΙΚΩΝ

ΚΟΖ. 6. — Εις το χωρίον Κάμπος ο 60ετής κτηνοτρόφος επυρπόλησε την οικίαν του και παρακολουθούσε το θέαμα εκ του πλησίον λόφου.

ΚΟΖ. 6. — Εις το χωρίον Κάμπος ο 60ετής κτηνοτρόφος επυρπόλησε την οικίαν του και παρακολουθούσε το θέαμα εκ του πλησίον λόφου.

ΑΙ ΚΑΛΛΟΝΑΙ ΕΧΟΥΝ ΚΑΘΟΡΙΣΕΙ ΑΠΟ ΤΟΥΔΕ ΠΩΣ ΘΑ ΧΡΗΣΙΜΟΠΟΙΗΣΟΥΝ ΤΑ ΧΡΗΜΑΤΑ ΕΑΝ ΚΕΡΔΙΣΟΥΝ ΤΟΝ ΤΙΤΛΟΝ «ΜΙΣ ΚΟΣΜΟΣ»

ΛΟΝΔΙΝΟΝ, 6. — Αι διαγωνιζόμεναι διά τον τίτλον της «Μις Κόσμος» έχουν ήδη καθορίσει πώς θα χρησιμοποιήσουν το χρηματικόν έπαθλον.

ΛΟΝΔΙΝΟΝ, 6. — Αι διαγωνιζόμεναι διά τον τίτλον της «Μις Κόσμος» έχουν ήδη καθορίσει πώς θα χρησιμοποιήσουν το χρηματικόν έπαθλον.

ΛΟΝΔΙΝΟΝ, 6. — Αι διαγωνιζόμεναι διά τον τίτλον της «Μις Κόσμος» έχουν ήδη καθορίσει πώς θα χρησιμοποιήσουν το χρηματικόν έπαθλον.

ΜΕΓΑ ΕΡΓΟΣΤΑΣΙΟΝ ΣΙΔΗΡΟΒΙΟΜΗΧΑΝΙΑΣ ΕΙΣ ΤΗΝ ΒΟΥΛΓΑΡΙΑΝ

ΛΟΝΔΙΝΟΝ, 6. — Αι διαγωνιζόμεναι διά τον τίτλον της «Μις Κόσμος» έχουν ήδη καθορίσει πώς θα χρησιμοποιήσουν το χρηματικόν έπαθλον.

ΜΕΤΑΒΟΛΑΙ ΕΙΣ ΤΗΝ ΤΟΥΡΚΙΚΗΝ ΚΥΒΕΡΝΗΣΙΝ

ΛΟΝΔΙΝΟΝ, 6. — Αι διαγωνιζόμεναι διά τον τίτλον της «Μις Κόσμος» έχουν ήδη καθορίσει πώς θα χρησιμοποιήσουν το χρηματικόν έπαθλον.

ΡΕΥΜΟΝΤ ΓΙΑΛΜΠΕΡ
ΤΟ ΣΥΜΒΟΥΛΙΟΝ ΑΣΦΑΛΕΙΑΣ ΘΑ ΕΞΕΤΑΣΗ ΤΟ ΘΕΜΑ ΤΩΝ ΦΥΛΕΤΙΚΩΝ ΔΙΑΚΡΙΣΕΩΝ ΤΩΝ ΕΦΑΡΜΟΖΟΜΕΝΩΝ ΕΙΣ ΝΟΤ. ΑΦΡΙΚΗΝ

ΗΝΩΜΕΝΑ ΕΘΝΗ, 6. — Το Συμβούλιον Ασφαλείας θα εξετάση το θέμα των φυλετικών διακρίσεων εις την Νότιον Αφρικήν κατόπιν αιτήσεως των αφρικανικών κρατών.

ΗΝΩΜΕΝΑ ΕΘΝΗ, 6. — Το Συμβούλιον Ασφαλείας θα εξετάση το θέμα των φυλετικών διακρίσεων εις την Νότιον Αφρικήν κατόπιν αιτήσεως των αφρικανικών κρατών.

Ο ΔΑΝΟΣ ΥΠΟΥΡΓΟΣ ΕΣΩΤΕΡΙΚΩΝ ΕΙΣ ΤΗΝ ΜΟΣΧΑΝ

ΗΝΩΜΕΝΑ ΕΘΝΗ, 6. — Το Συμβούλιον Ασφαλείας θα εξετάση το θέμα των φυλετικών διακρίσεων εις την Νότιον Αφρικήν κατόπιν αιτήσεως των αφρικανικών κρατών.

Η ΣΟΡΑΓΙΑ ΜΕΤΕΒΗ ΕΙΣ ΤΗΝ ΡΩΜΗΝ

ΗΝΩΜΕΝΑ ΕΘΝΗ, 6. — Το Συμβούλιον Ασφαλείας θα εξετάση το θέμα των φυλετικών διακρίσεων εις την Νότιον Αφρικήν κατόπιν αιτήσεως των αφρικανικών κρατών.

ΑΛΗΣΜΟΝΗΤΟΣ ΘΑ ΜΕΙΝΗ ΕΙΣ ΤΗΝ ΤΕΡΕΣΚΟΒΑ Η ΤΕΛΕΣΙΣ ΤΩΝ ΓΑΜΩΝ ΜΕ ΤΟΝ ΝΙΚΟΛΑΓΙΕΦ ΣΧΕΔΟΝ ΜΕ ΤΗΝ ΕΠΕΤΕΙΟΝ ΤΗΣ ΕΠΑΝΑΣΤΑΣΕΩΣ

ΜΟΣΧΑ, 6. — Η Βαλεντίνα Τερέσκοβα δήλωσε ότι θα μείνη αλησμόνητος η τέλεσις των γάμων της με τον κοσμοναύτην Νικολάγιεφ, σχεδόν ταυτοχρόνως με την επέτειον της Επαναστάσεως.

ΜΟΣΧΑ, 6. — Η Βαλεντίνα Τερέσκοβα δήλωσε ότι θα μείνη αλησμόνητος η τέλεσις των γάμων της με τον κοσμοναύτην Νικολάγιεφ, σχεδόν ταυτοχρόνως με την επέτειον της Επαναστάσεως.

ΕΠΕΥΦΗΜΗΘΗ Ο ΜΑΞΙΜΟΣ Δ΄ ΕΙΣ ΤΟ ΒΑΤΙΚΑΝΟΝ

ΜΟΣΧΑ, 6. — Η Βαλεντίνα Τερέσκοβα δήλωσε ότι θα μείνη αλησμόνητος η τέλεσις των γάμων της με τον κοσμοναύτην Νικολάγιεφ, σχεδόν ταυτοχρόνως με την επέτειον της Επαναστάσεως.

ΜΕΤΕΒΗ ΕΙΣ ΚΑΙΡΟΝ Ο ΔΗΜΑΡΧΟΣ ΤΟΥ ΔΥΤΙΚΟΥ ΒΕΡΟΛΙΝΟΥ

ΜΟΣΧΑ, 6. — Η Βαλεντίνα Τερέσκοβα δήλωσε ότι θα μείνη αλησμόνητος η τέλεσις των γάμων της με τον κοσμοναύτην Νικολάγιεφ, σχεδόν ταυτοχρόνως με την επέτειον της Επαναστάσεως.

ΑΔΙΚΟΣ Η ΘΕΣΙΣ ΤΟΥ ΕΛΛΗΝΟΚΥΠΡΙΑΚΟΥ ΚΟΙΝΟΒΟΥΛΙΟΥ ΕΝΑΝΤΙ ΤΩΝ 3.000 ΑΠΕΡΓΟΥΝΤΩΝ ΕΛΛΗΝΩΝ ΔΑΣΚΑΛΩΝ

ΛΕΥΚΩΣΙΑ, 6. — Η Ομοσπονδία Ελλήνων Διδασκάλων Κύπρου χαρακτηρίζει άδικον την θέσιν του κοινοβουλίου έναντι των 3.000 απεργούντων δασκάλων.

ΚΑΤΑΣΤΡΕΦΕΤΑΙ Ο ΕΝΔΑΙΟΣ ΠΛΟΥΤΟΣ ΤΗΣ ΤΟΥΡΚΙΑΣ

ΛΕΥΚΩΣΙΑ, 6. — Η Ομοσπονδία Ελλήνων Διδασκάλων Κύπρου χαρακτηρίζει άδικον την θέσιν του κοινοβουλίου έναντι των 3.000 απεργούντων δασκάλων.

ΕΠΑΝΑΠΑΤΡΙΖΟΝΤΑΙ ΟΙ ΚΟΥΡΔΟΙ ΠΡΟΣΦΥΓΕΣ

ΛΕΥΚΩΣΙΑ, 6. — Η Ομοσπονδία Ελλήνων Διδασκάλων Κύπρου χαρακτηρίζει άδικον την θέσιν του κοινοβουλίου έναντι των 3.000 απεργούντων δασκάλων.

ΤΟ ΙΣΡΑΗΛΙΤΙΚΟΝ ΚΟΓΚΡΕΣΣΟΝ ΚΑΤΑΔΙΚΑΖΕΙ ΤΟΥΣ ΔΙΩΓΜΟΥΣ ΤΟΥ ΝΑΖΙΣΤΙΚΟΥ «ΠΟΓΚΡΟΜ»

ΜΟΝΤΡΕΑΛ, 6. — Το ισραηλιτικόν κογκρέσσον κατεδίκασε τους διωγμούς του ναζιστικού καθεστώτος κατά την 25ην επέτειον του «πογκρόμ».

Η ΣΟΡΡΟΠΙΑ ΔΥΝΑΜΕΩΝ ΑΠΑΡΑΙΤΗΤΟΣ ΕΙΣ ΤΗΝ ΜΕΣΗΝ ΑΝΑΤΟΛΗΝ

ΜΟΝΤΡΕΑΛ, 6. — Το ισραηλιτικόν κογκρέσσον κατεδίκασε τους διωγμούς του ναζιστικού καθεστώτος κατά την 25ην επέτειον του «πογκρόμ».

ΔΕΝ ΠΡΟΒΛΕΠΕΤΑΙ ΤΑΧΕΙΑ ΑΠΟΚΑΤΑΣΤΑΣΙΣ ΤΩΝ ΔΙΠΛΩΜΑΤΙΚΩΝ ΣΧΕΣΕΩΝ ΓΑΛΛΙΑΣ-ΚΙΝΑΣ

ΠΕΚΙΝΟΝ, 6. — Κατά τους διπλωματικούς κύκλους δεν προβλέπεται ταχεία αποκατάστασις των διπλωματικών σχέσεων μεταξύ Γαλλίας και Κίνας.

ΣΥΝΕΧΙΖΕΤΑΙ Η ΔΙΚΗ ΤΩΝ ΔΥΟ ΓΕΡΜΑΝΩΝ ΕΓΚΛΗΜΑΤΙΩΝ ΠΟΛΕΜΟΥ

ΠΕΚΙΝΟΝ, 6. — Κατά τους διπλωματικούς κύκλους δεν προβλέπεται ταχεία αποκατάστασις των διπλωματικών σχέσεων μεταξύ Γαλλίας και Κίνας.

ΠΕΚΙΝΟΝ, 6. — Κατά τους διπλωματικούς κύκλους δεν προβλέπεται ταχεία αποκατάστασις των διπλωματικών σχέσεων μεταξύ Γαλλίας και Κίνας.

ΠΕΚΙΝΟΝ, 6. — Κατά τους διπλωματικούς κύκλους δεν προβλέπεται ταχεία αποκατάστασις των διπλωματικών σχέσεων μεταξύ Γαλλίας και Κίνας.
